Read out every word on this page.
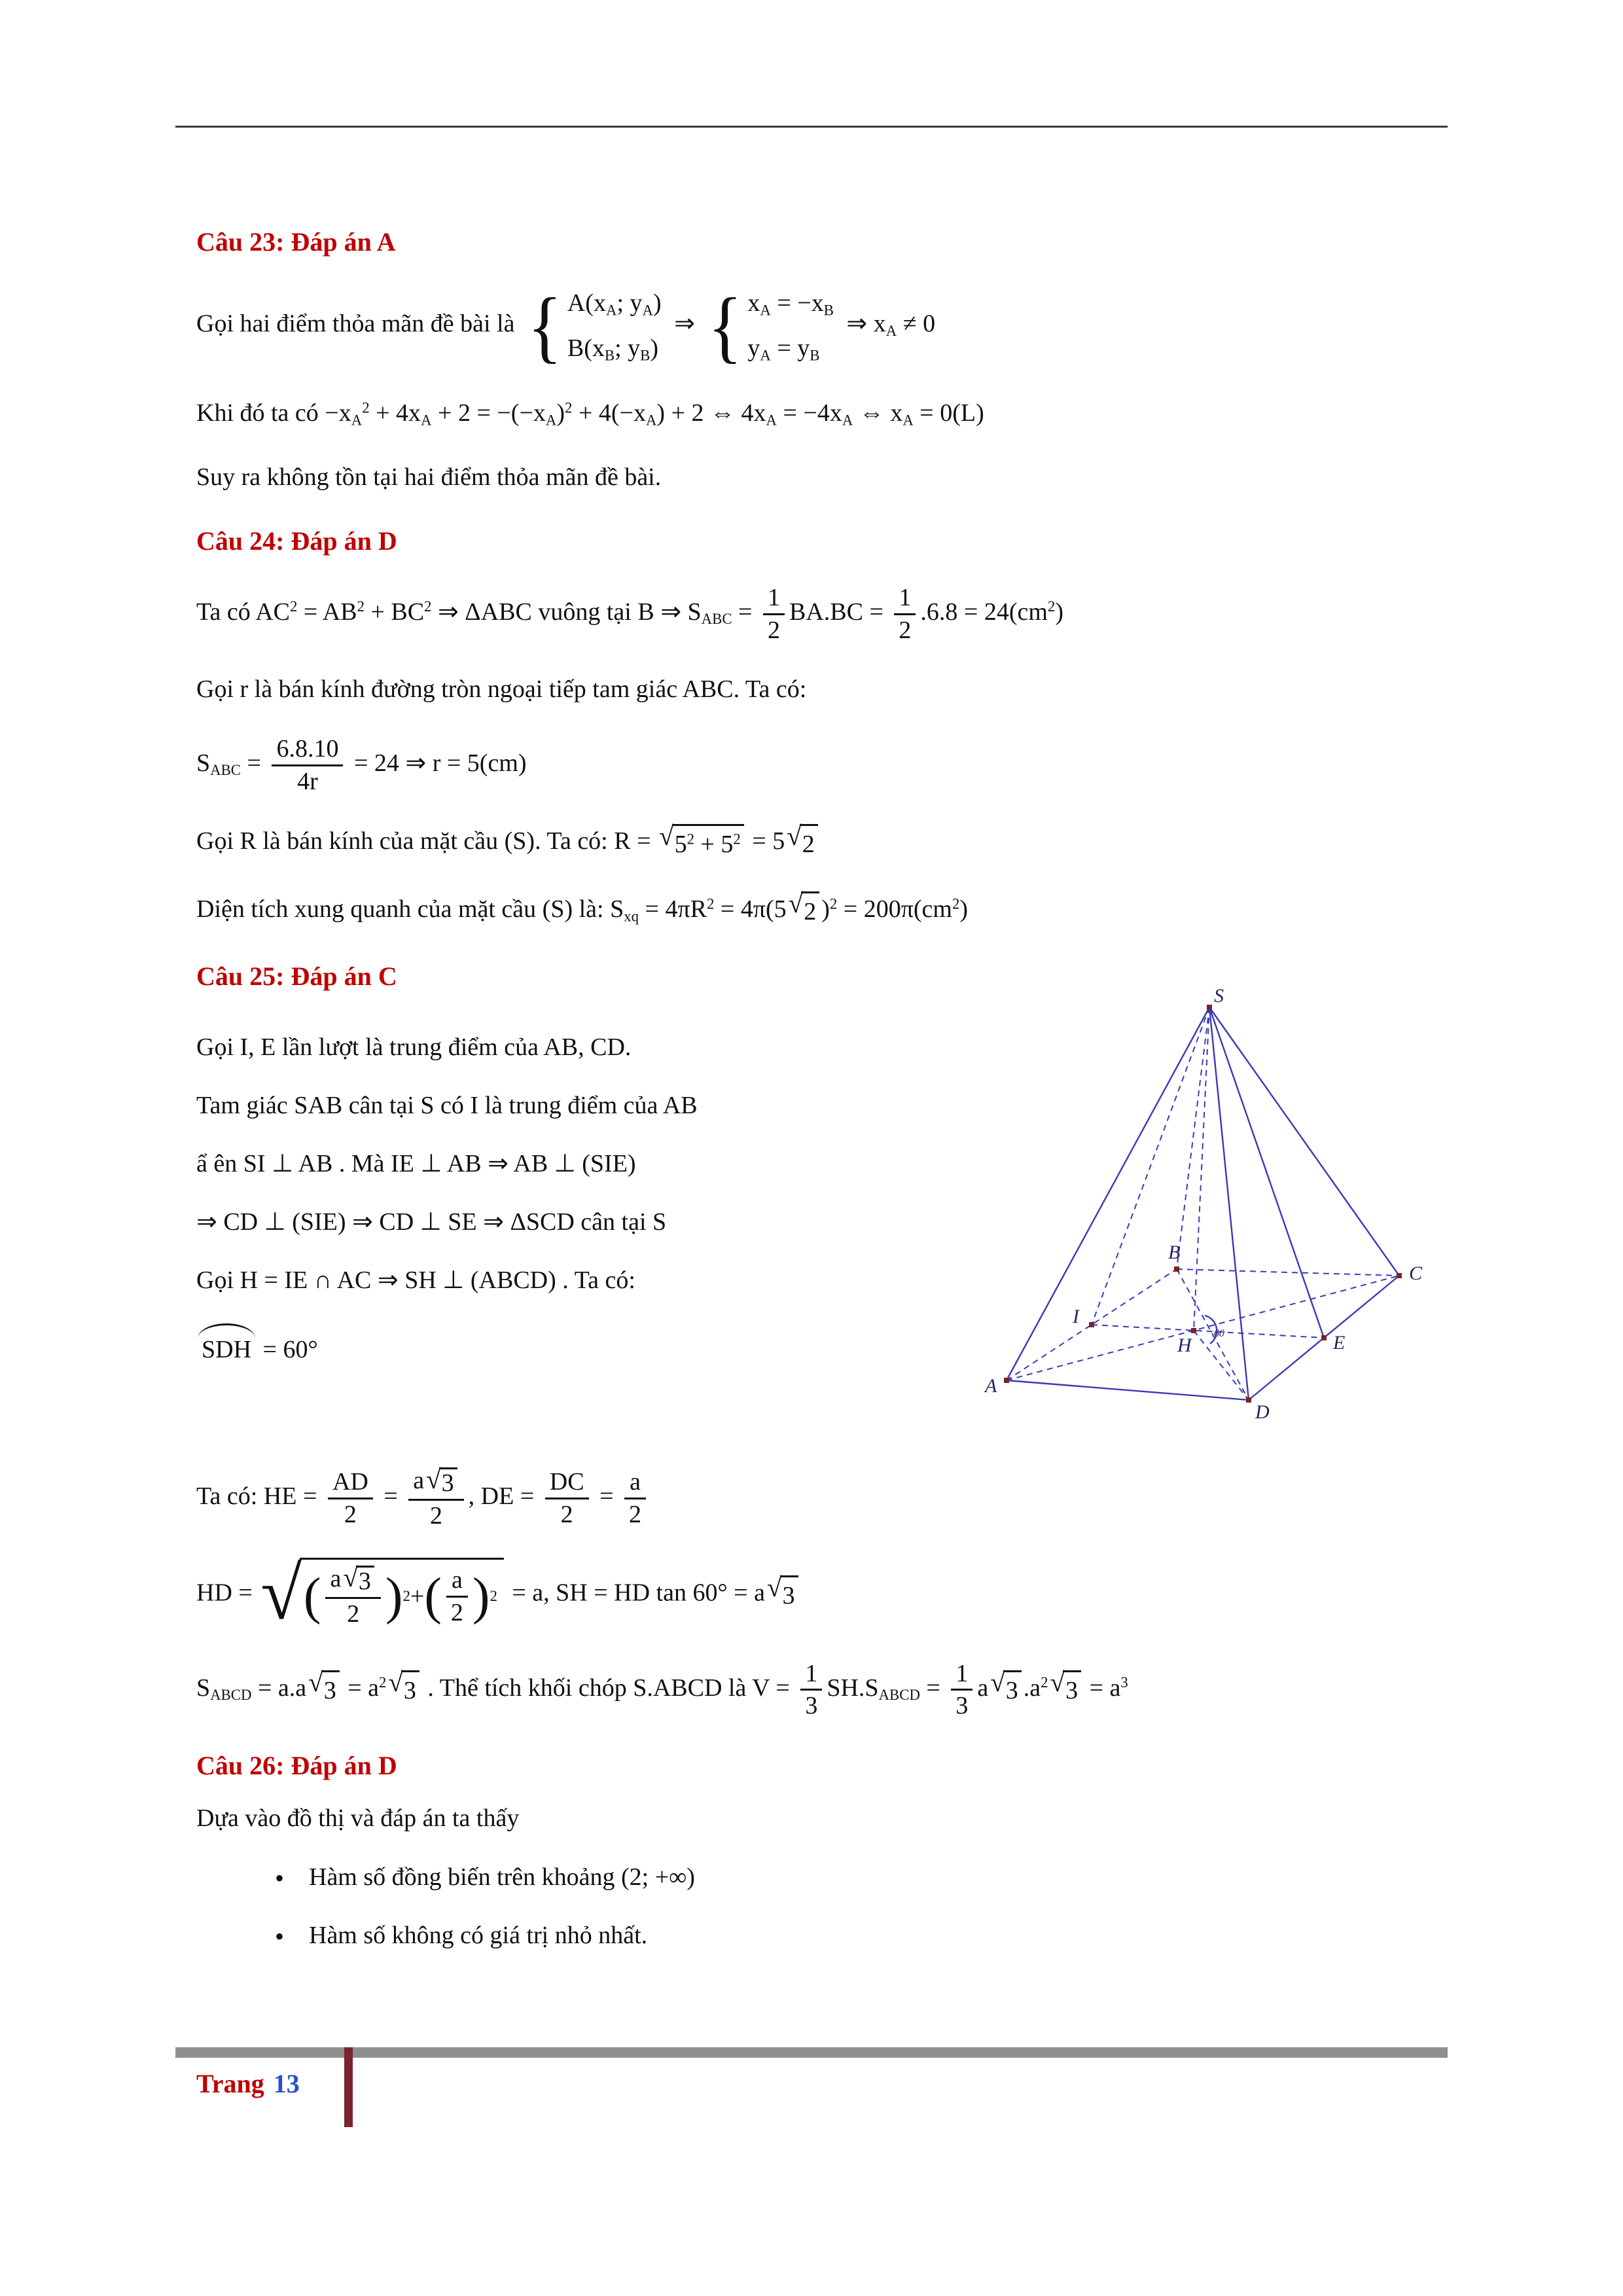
Câu 23: Đáp án A
Gọi hai điểm thỏa mãn đề bài là { $A(x_A$; $y_A$)
$B(x_B$; $y_B$)
⇒ { $x_A = -x_B$
$y_A = y_B$
⇒ $x_A \ne 0$
Khi đó ta có $-x_A^2 + 4x_A + 2 = -(-x_A)^2 + 4(-x_A) + 2$ ⇔ $4x_A = -4x_A$ ⇔ $x_A = 0(L)$
Suy ra không tồn tại hai điểm thỏa mãn đề bài.
Câu 24: Đáp án D
Ta có $AC^2 = AB^2 + BC^2$ ⇒ ΔABC vuông tại B ⇒ $S_{ABC} = \frac{1}{2} BA.BC = \frac{1}{2} .6.8 = 24(cm^2)$
Gọi r là bán kính đường tròn ngoại tiếp tam giác ABC. Ta có:
$S_{ABC} = \frac{6.8.10}{4r} = 24$ ⇒ r = 5(cm)
Gọi R là bán kính của mặt cầu (S). Ta có: R = √ $5^2 + 5^2 = 5$ √ 2
Diện tích xung quanh của mặt cầu (S) là: $S_{xq} = 4\pi R^2 = 4\pi(5$ √ 2 )$^2 = 200\pi(cm^2)$
Câu 25: Đáp án C
Gọi I, E lần lượt là trung điểm của AB, CD.
Tam giác SAB cân tại S có I là trung điểm của AB
ẩ ên SI ⊥ AB . Mà IE ⊥ AB ⇒ AB ⊥ (SIE)
⇒ CD ⊥ (SIE) ⇒ CD ⊥ SE ⇒ ΔSCD cân tại S
Gọi H = IE ∩ AC ⇒ SH ⊥ (ABCD) . Ta có:
SDH = 60°
60
S
A
B
C
D
I
E
H
Ta có: HE = $\frac{AD}{2} = \frac{a √ 3}{2}$ , DE = $\frac{DC}{2} = \frac{a}{2}$
HD = √ ( $\frac{a √ 3}{2}$ ) 2 + ( $\frac{a}{2}$ ) 2 = a, SH = HD tan 60° = a √ 3
$S_{ABCD} = a.a$ √ $3 = a^2$ √ 3 . Thể tích khối chóp S.ABCD là $V = \frac{1}{3} SH.S_{ABCD} = \frac{1}{3}$ a √ 3 $.a^2$ √ $3 = a^3$
Câu 26: Đáp án D
Dựa vào đồ thị và đáp án ta thấy
• Hàm số đồng biến trên khoảng (2; +∞)
• Hàm số không có giá trị nhỏ nhất.
Trang 13
